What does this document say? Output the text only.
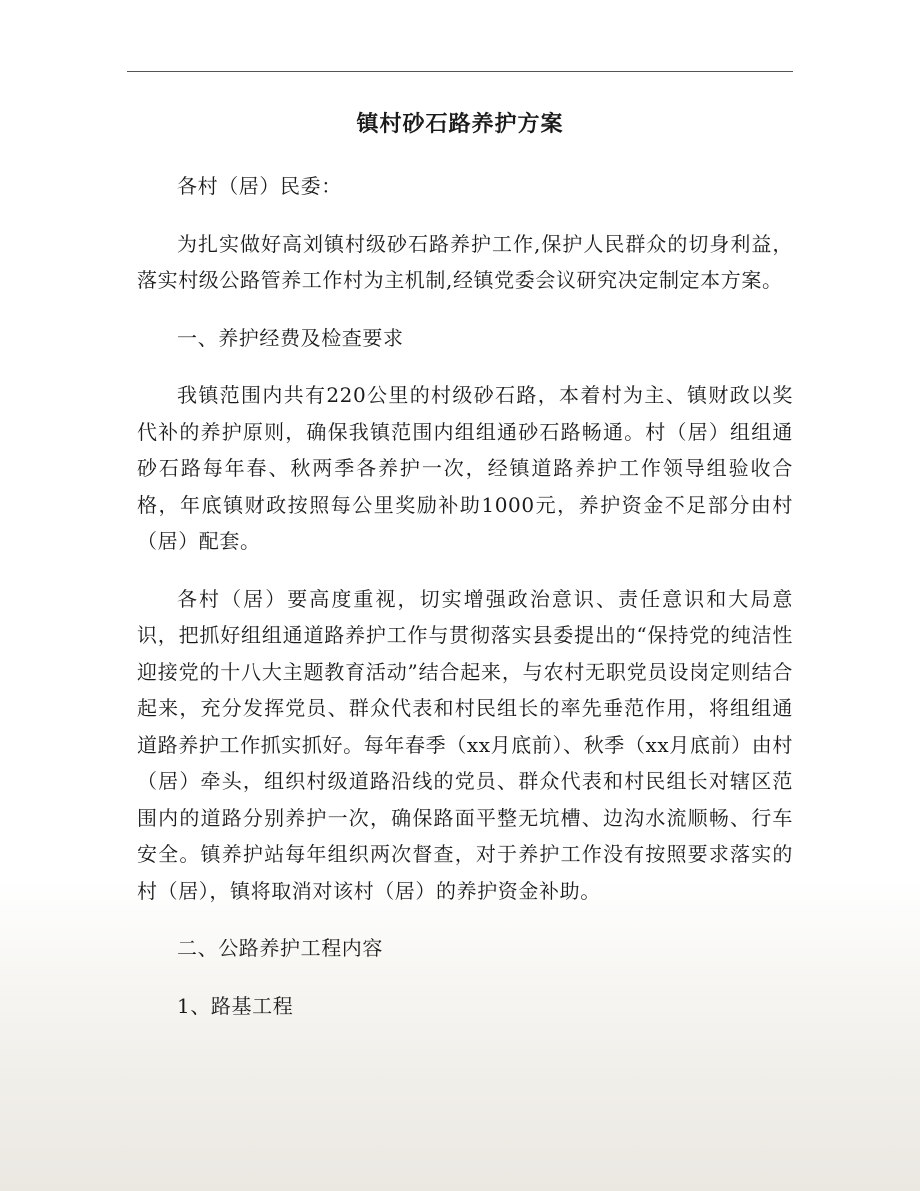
镇村砂石路养护方案

各村（居）民委：

为扎实做好高刘镇村级砂石路养护工作,保护人民群众的切身利益，落实村级公路管养工作村为主机制,经镇党委会议研究决定制定本方案。

一、养护经费及检查要求

我镇范围内共有220公里的村级砂石路，本着村为主、镇财政以奖代补的养护原则，确保我镇范围内组组通砂石路畅通。村（居）组组通砂石路每年春、秋两季各养护一次，经镇道路养护工作领导组验收合格，年底镇财政按照每公里奖励补助1000元，养护资金不足部分由村（居）配套。

各村（居）要高度重视，切实增强政治意识、责任意识和大局意识，把抓好组组通道路养护工作与贯彻落实县委提出的“保持党的纯洁性迎接党的十八大主题教育活动”结合起来，与农村无职党员设岗定则结合起来，充分发挥党员、群众代表和村民组长的率先垂范作用，将组组通道路养护工作抓实抓好。每年春季（xx月底前）、秋季（xx月底前）由村（居）牵头，组织村级道路沿线的党员、群众代表和村民组长对辖区范围内的道路分别养护一次，确保路面平整无坑槽、边沟水流顺畅、行车安全。镇养护站每年组织两次督查，对于养护工作没有按照要求落实的村（居），镇将取消对该村（居）的养护资金补助。

二、公路养护工程内容

1、路基工程
